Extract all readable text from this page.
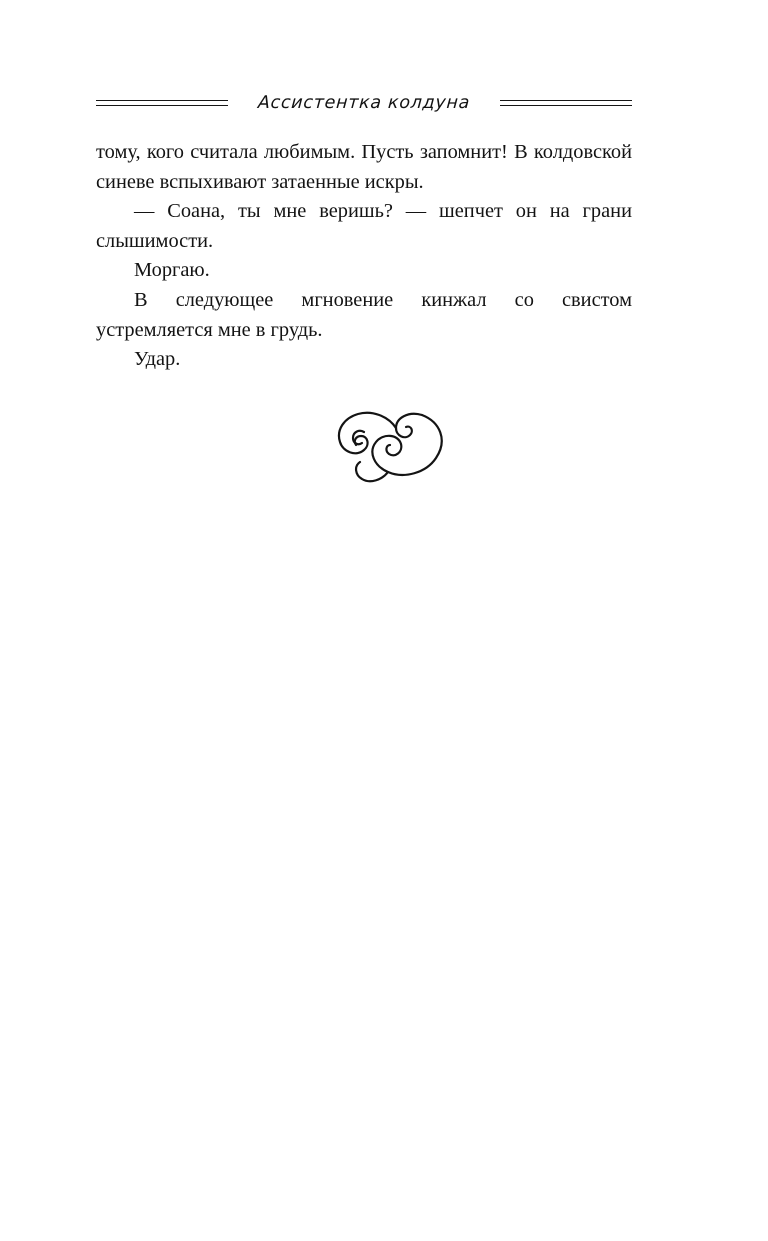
Ассистентка колдуна

тому, кого считала любимым. Пусть запомнит! В колдовской синеве вспыхивают затаенные искры.

— Соана, ты мне веришь? — шепчет он на грани слышимости.

Моргаю.

В следующее мгновение кинжал со свистом устремляется мне в грудь.

Удар.
